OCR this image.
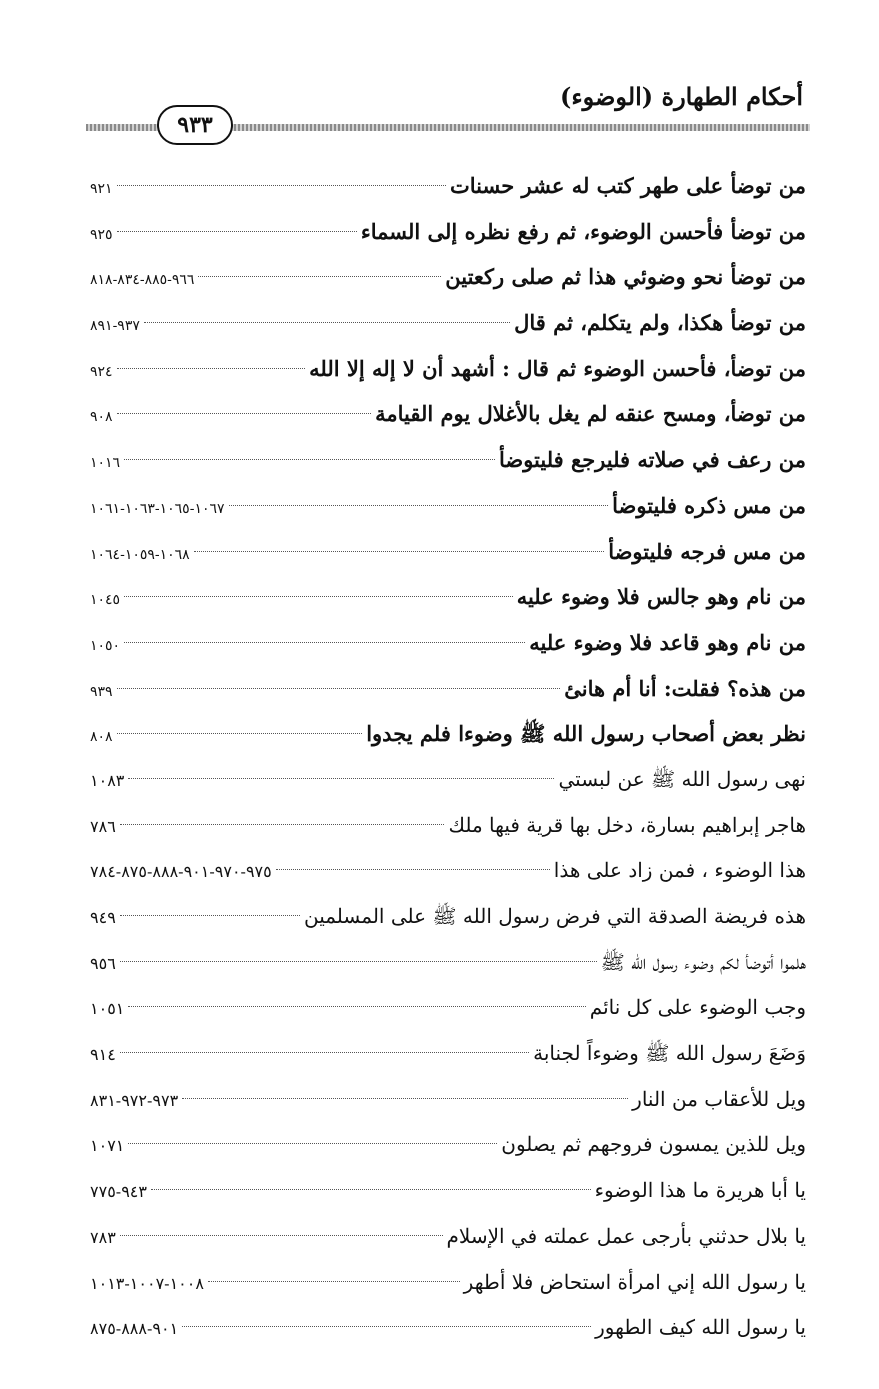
أحكام الطهارة (الوضوء)
٩٣٣
من توضأ على طهر كتب له عشر حسنات
٩٢١
من توضأ فأحسن الوضوء، ثم رفع نظره إلى السماء
٩٢٥
من توضأ نحو وضوئي هذا ثم صلى ركعتين
٩٦٦-٨٨٥-٨٣٤-٨١٨
من توضأ هكذا، ولم يتكلم، ثم قال
٩٣٧-٨٩١
من توضأ، فأحسن الوضوء ثم قال : أشهد أن لا إله إلا الله
٩٢٤
من توضأ، ومسح عنقه لم يغل بالأغلال يوم القيامة
٩٠٨
من رعف في صلاته فليرجع فليتوضأ
١٠١٦
من مس ذكره فليتوضأ
١٠٦٧-١٠٦٥-١٠٦٣-١٠٦١
من مس فرجه فليتوضأ
١٠٦٨-١٠٥٩-١٠٦٤
من نام وهو جالس فلا وضوء عليه
١٠٤٥
من نام وهو قاعد فلا وضوء عليه
١٠٥٠
من هذه؟ فقلت: أنا أم هانئ
٩٣٩
نظر بعض أصحاب رسول الله ﷺ وضوءا فلم يجدوا
٨٠٨
نهى رسول الله ﷺ عن لبستي
١٠٨٣
هاجر إبراهيم بسارة، دخل بها قرية فيها ملك
٧٨٦
هذا الوضوء ، فمن زاد على هذا
٩٧٥-٩٧٠-٩٠١-٨٨٨-٨٧٥-٧٨٤
هذه فريضة الصدقة التي فرض رسول الله ﷺ على المسلمين
٩٤٩
هلموا أتوضأ لكم وضوء رسول الله ﷺ
٩٥٦
وجب الوضوء على كل نائم
١٠٥١
وَضَعَ رسول الله ﷺ وضوءاً لجنابة
٩١٤
ويل للأعقاب من النار
٩٧٣-٩٧٢-٨٣١
ويل للذين يمسون فروجهم ثم يصلون
١٠٧١
يا أبا هريرة ما هذا الوضوء
٩٤٣-٧٧٥
يا بلال حدثني بأرجى عمل عملته في الإسلام
٧٨٣
يا رسول الله إني امرأة استحاض فلا أطهر
١٠٠٨-١٠٠٧-١٠١٣
يا رسول الله كيف الطهور
٩٠١-٨٨٨-٨٧٥
